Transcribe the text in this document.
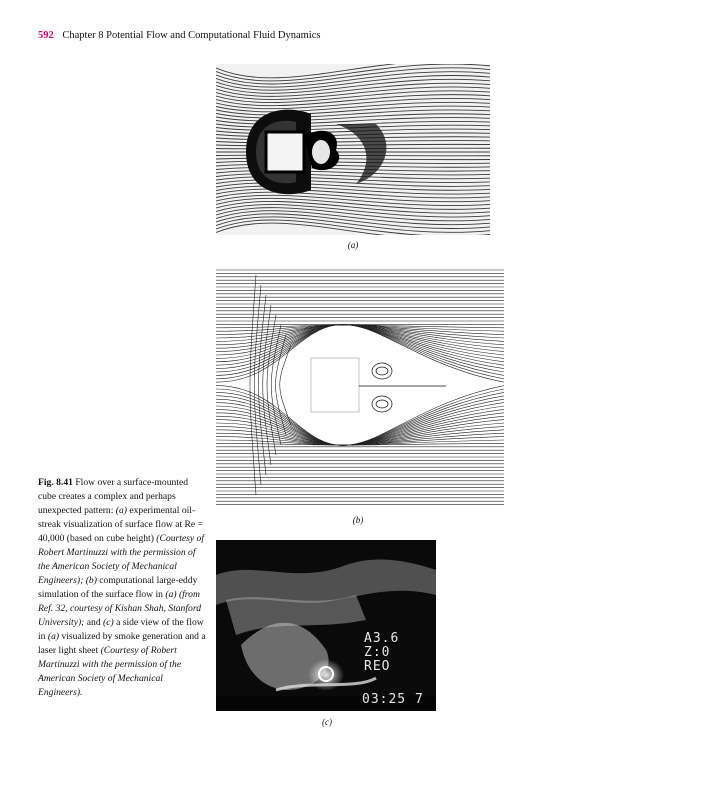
592 Chapter 8 Potential Flow and Computational Fluid Dynamics
(a)
(b)
A3.6
Z:0
REO
03:25 7
(c)
Fig. 8.41 Flow over a surface-mounted cube creates a complex and perhaps unexpected pattern: (a) experimental oil-streak visualization of surface flow at Re = 40,000 (based on cube height) (Courtesy of Robert Martinuzzi with the permission of the American Society of Mechanical Engineers); (b) computational large-eddy simulation of the surface flow in (a) (from Ref. 32, courtesy of Kishan Shah, Stanford University); and (c) a side view of the flow in (a) visualized by smoke generation and a laser light sheet (Courtesy of Robert Martinuzzi with the permission of the American Society of Mechanical Engineers).
